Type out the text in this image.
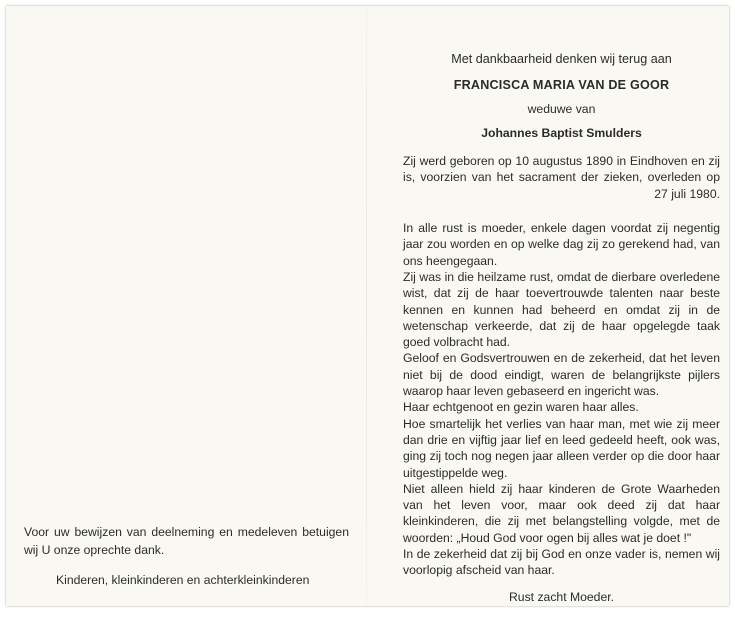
Voor uw bewijzen van deelneming en medeleven betuigen wij U onze oprechte dank.

Kinderen, kleinkinderen en achterkleinkinderen

Met dankbaarheid denken wij terug aan

FRANCISCA MARIA VAN DE GOOR

weduwe van

Johannes Baptist Smulders

Zij werd geboren op 10 augustus 1890 in Eindhoven en zij is, voorzien van het sacrament der zieken, overleden op 27 juli 1980.

In alle rust is moeder, enkele dagen voordat zij negentig jaar zou worden en op welke dag zij zo gerekend had, van ons heengegaan.

Zij was in die heilzame rust, omdat de dierbare overledene wist, dat zij de haar toevertrouwde talenten naar beste kennen en kunnen had beheerd en omdat zij in de wetenschap verkeerde, dat zij de haar opgelegde taak goed volbracht had.

Geloof en Godsvertrouwen en de zekerheid, dat het leven niet bij de dood eindigt, waren de belangrijkste pijlers waarop haar leven gebaseerd en ingericht was.

Haar echtgenoot en gezin waren haar alles.

Hoe smartelijk het verlies van haar man, met wie zij meer dan drie en vijftig jaar lief en leed gedeeld heeft, ook was, ging zij toch nog negen jaar alleen verder op die door haar uitgestippelde weg.

Niet alleen hield zij haar kinderen de Grote Waarheden van het leven voor, maar ook deed zij dat haar kleinkinderen, die zij met belangstelling volgde, met de woorden: „Houd God voor ogen bij alles wat je doet !"

In de zekerheid dat zij bij God en onze vader is, nemen wij voorlopig afscheid van haar.

Rust zacht Moeder.
